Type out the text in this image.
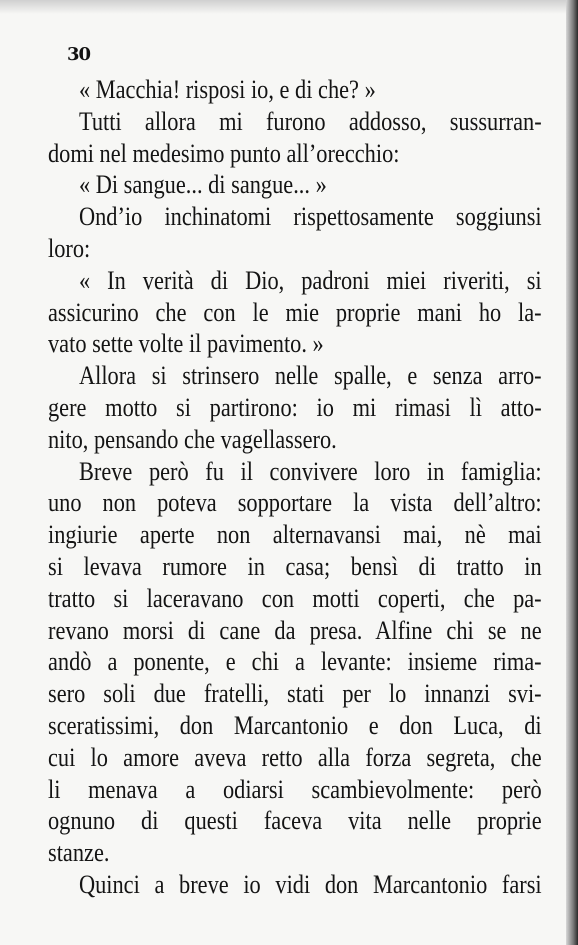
30
« Macchia! risposi io, e di che? »
Tutti allora mi furono addosso, sussurran-
domi nel medesimo punto all’orecchio:
« Di sangue... di sangue... »
Ond’io inchinatomi rispettosamente soggiunsi
loro:
« In verità di Dio, padroni miei riveriti, si
assicurino che con le mie proprie mani ho la-
vato sette volte il pavimento. »
Allora si strinsero nelle spalle, e senza arro-
gere motto si partirono: io mi rimasi lì atto-
nito, pensando che vagellassero.
Breve però fu il convivere loro in famiglia:
uno non poteva sopportare la vista dell’altro:
ingiurie aperte non alternavansi mai, nè mai
si levava rumore in casa; bensì di tratto in
tratto si laceravano con motti coperti, che pa-
revano morsi di cane da presa. Alfine chi se ne
andò a ponente, e chi a levante: insieme rima-
sero soli due fratelli, stati per lo innanzi svi-
sceratissimi, don Marcantonio e don Luca, di
cui lo amore aveva retto alla forza segreta, che
li menava a odiarsi scambievolmente: però
ognuno di questi faceva vita nelle proprie
stanze.
Quinci a breve io vidi don Marcantonio farsi
